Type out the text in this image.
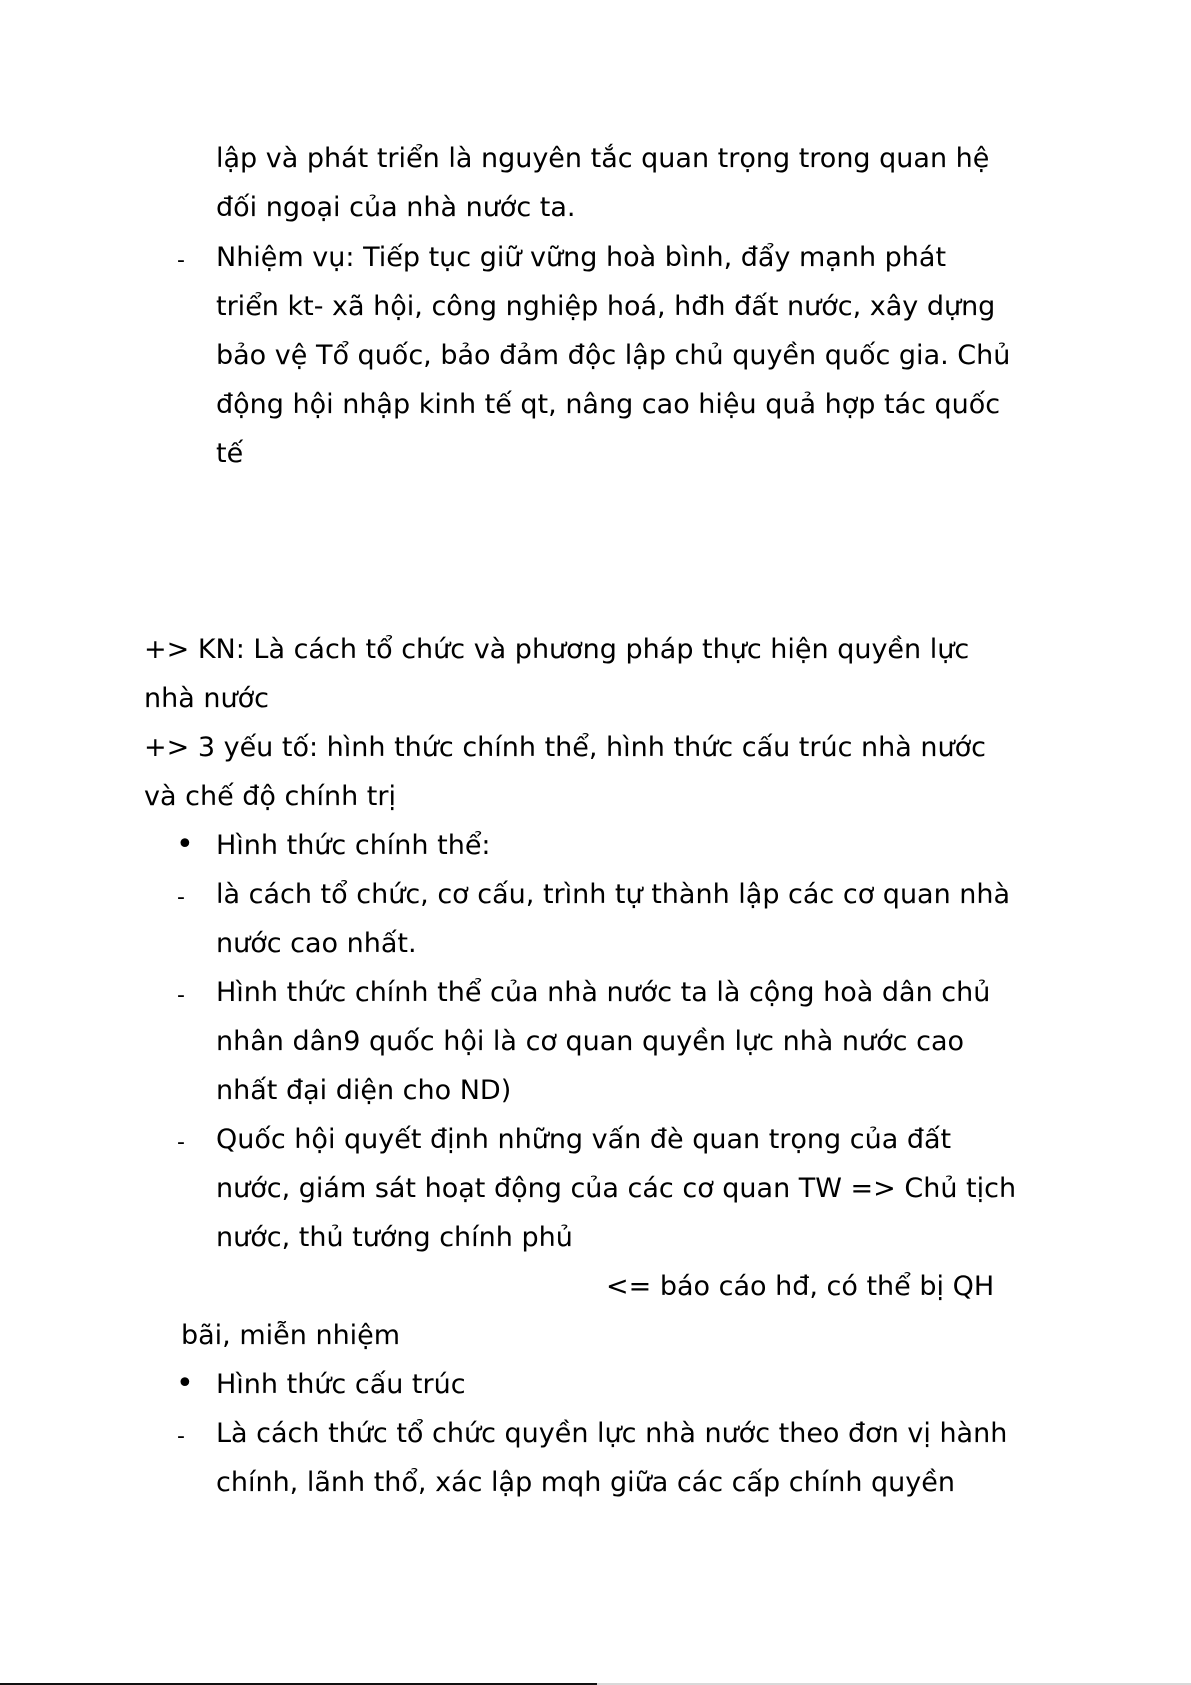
lập và phát triển là nguyên tắc quan trọng trong quan hệ
đối ngoại của nhà nước ta.
- Nhiệm vụ: Tiếp tục giữ vững hoà bình, đẩy mạnh phát
triển kt- xã hội, công nghiệp hoá, hđh đất nước, xây dựng
bảo vệ Tổ quốc, bảo đảm độc lập chủ quyền quốc gia. Chủ
động hội nhập kinh tế qt, nâng cao hiệu quả hợp tác quốc
tế
+> KN: Là cách tổ chức và phương pháp thực hiện quyền lực
nhà nước
+> 3 yếu tố: hình thức chính thể, hình thức cấu trúc nhà nước
và chế độ chính trị
• Hình thức chính thể:
- là cách tổ chức, cơ cấu, trình tự thành lập các cơ quan nhà
nước cao nhất.
- Hình thức chính thể của nhà nước ta là cộng hoà dân chủ
nhân dân9 quốc hội là cơ quan quyền lực nhà nước cao
nhất đại diện cho ND)
- Quốc hội quyết định những vấn đè quan trọng của đất
nước, giám sát hoạt động của các cơ quan TW => Chủ tịch
nước, thủ tướng chính phủ
<= báo cáo hđ, có thể bị QH
bãi, miễn nhiệm
• Hình thức cấu trúc
- Là cách thức tổ chức quyền lực nhà nước theo đơn vị hành
chính, lãnh thổ, xác lập mqh giữa các cấp chính quyền
